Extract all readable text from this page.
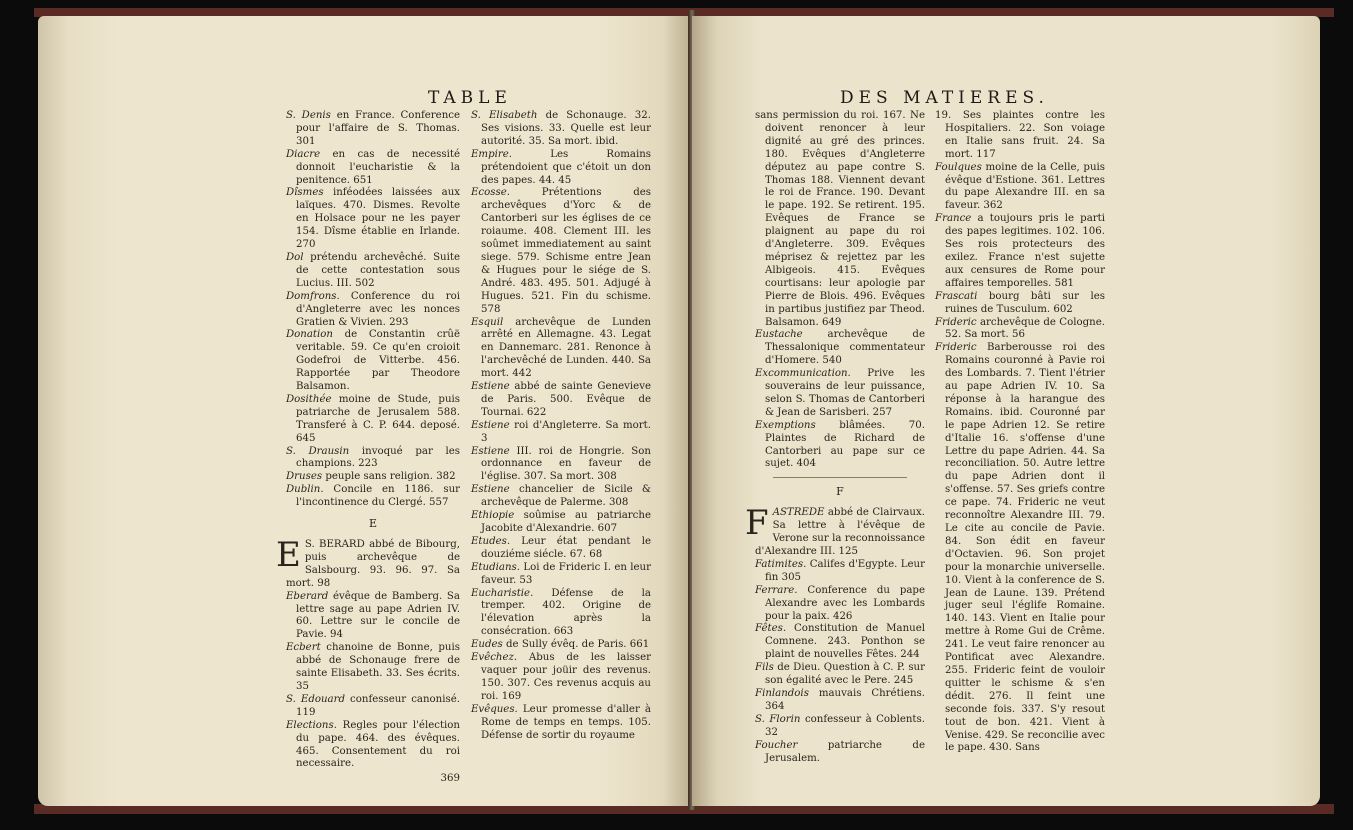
TABLE

S. Denis en France. Conference pour l'affaire de S. Thomas. 301

Diacre en cas de necessité donnoit l'eucharistie & la penitence. 651

Dîsmes inféodées laissées aux laïques. 470. Dismes. Revolte en Holsace pour ne les payer 154. Dîsme établie en Irlande. 270

Dol prétendu archevêché. Suite de cette contestation sous Lucius. III. 502

Domfrons. Conference du roi d'Angleterre avec les nonces Gratien & Vivien. 293

Donation de Constantin crûë veritable. 59. Ce qu'en croioit Godefroi de Vitterbe. 456. Rapportée par Theodore Balsamon.

Dosithée moine de Stude, puis patriarche de Jerusalem 588. Transferé à C. P. 644. deposé. 645

S. Drausin invoqué par les champions. 223

Druses peuple sans religion. 382

Dublin. Concile en 1186. sur l'incontinence du Clergé. 557

E

E S. BERARD abbé de Bibourg, puis archevêque de Salsbourg. 93. 96. 97. Sa mort. 98

Eberard évêque de Bamberg. Sa lettre sage au pape Adrien IV. 60. Lettre sur le concile de Pavie. 94

Ecbert chanoine de Bonne, puis abbé de Schonauge frere de sainte Elisabeth. 33. Ses écrits. 35

S. Edouard confesseur canonisé. 119

Elections. Regles pour l'élection du pape. 464. des évêques. 465. Consentement du roi necessaire.

369

S. Elisabeth de Schonauge. 32. Ses visions. 33. Quelle est leur autorité. 35. Sa mort. ibid.

Empire.	Les Romains prétendoient que c'étoit un don des papes. 44. 45

Ecosse.	Prétentions des archevêques d'Yorc & de Cantorberi sur les églises de ce roiaume. 408. Clement III. les soûmet immediatement au saint siege. 579. Schisme entre Jean & Hugues pour le siége de S. André. 483. 495. 501. Adjugé à Hugues. 521. Fin du schisme. 578

Esquil archevêque de Lunden arrêté en Allemagne. 43. Legat en Dannemarc. 281. Renonce à l'archevêché de Lunden. 440. Sa mort. 442

Estiene abbé de sainte Genevieve de Paris. 500. Evêque de Tournai. 622

Estiene roi d'Angleterre. Sa mort. 3

Estiene III. roi de Hongrie. Son ordonnance en faveur de l'église. 307. Sa mort. 308

Estiene chancelier de Sicile & archevêque de Palerme. 308

Ethiopie soûmise au patriarche Jacobite d'Alexandrie. 607

Etudes. Leur état pendant le douziéme siécle. 67. 68

Etudians. Loi de Frideric I. en leur faveur. 53

Eucharistie. Défense de la tremper. 402. Origine de l'élevation après la consécration. 663

Eudes de Sully évêq. de Paris. 661

Evêchez. Abus de les laisser vaquer pour joüir des revenus. 150. 307. Ces revenus acquis au roi. 169

Evêques. Leur promesse d'aller à Rome de temps en temps. 105. Défense de sortir du royaume

DES MATIERES.

sans permission du roi. 167. Ne doivent renoncer à leur dignité au gré des princes. 180. Evêques d'Angleterre députez au pape contre S. Thomas 188. Viennent devant le roi de France. 190. Devant le pape. 192. Se retirent. 195. Evêques de France se plaignent au pape du roi d'Angleterre. 309. Evêques méprisez & rejettez par les Albigeois. 415. Evêques courtisans: leur apologie par Pierre de Blois. 496. Evêques in partibus justifiez par Theod. Balsamon. 649

Eustache archevêque de Thessalonique commentateur d'Homere. 540

Excommunication. Prive les souverains de leur puissance, selon S. Thomas de Cantorberi & Jean de Sarisberi. 257

Exemptions blâmées. 70. Plaintes de Richard de Cantorberi au pape sur ce sujet. 404

F

FASTREDE abbé de Clairvaux. Sa lettre à l'évêque de Verone sur la reconnoissance d'Alexandre III. 125

Fatimites. Califes d'Egypte. Leur fin 305

Ferrare. Conference du pape Alexandre avec les Lombards pour la paix. 426

Fêtes. Constitution de Manuel Comnene. 243. Ponthon se plaint de nouvelles Fêtes. 244

Fils de Dieu. Question à C. P. sur son égalité avec le Pere. 245

Finlandois mauvais Chrétiens. 364

S. Florin confesseur à Coblents. 32

Foucher	patriarche de Jerusalem.

19. Ses plaintes contre les Hospitaliers. 22. Son voiage en Italie sans fruit. 24. Sa mort. 117

Foulques moine de la Celle, puis évêque d'Estione. 361. Lettres du pape Alexandre III. en sa faveur. 362

France a toujours pris le parti des papes legitimes. 102. 106. Ses rois protecteurs des exilez. France n'est sujette aux censures de Rome pour affaires temporelles. 581

Frascati bourg bâti sur les ruines de Tusculum. 602

Frideric archevêque de Cologne. 52. Sa mort. 56

Frideric Barberousse roi des Romains couronné à Pavie roi des Lombards. 7. Tient l'étrier au pape Adrien IV. 10. Sa réponse à la harangue des Romains. ibid. Couronné par le pape Adrien 12. Se retire d'Italie 16. s'offense d'une Lettre du pape Adrien. 44. Sa reconciliation. 50. Autre lettre du pape Adrien dont il s'offense. 57. Ses griefs contre ce pape. 74. Frideric ne veut reconnoître Alexandre III. 79. Le cite au concile de Pavie. 84. Son édit en faveur d'Octavien. 96. Son projet pour la monarchie universelle. 10. Vient à la conference de S. Jean de Laune. 139. Prétend juger seul l'églife Romaine. 140. 143. Vient en Italie pour mettre à Rome Gui de Crême. 241. Le veut faire renoncer au Pontificat avec Alexandre. 255. Frideric feint de vouloir quitter le schisme & s'en dédit. 276. Il feint une seconde fois. 337. S'y resout tout de bon. 421. Vient à Venise. 429. Se reconcilie avec le pape. 430. Sans
